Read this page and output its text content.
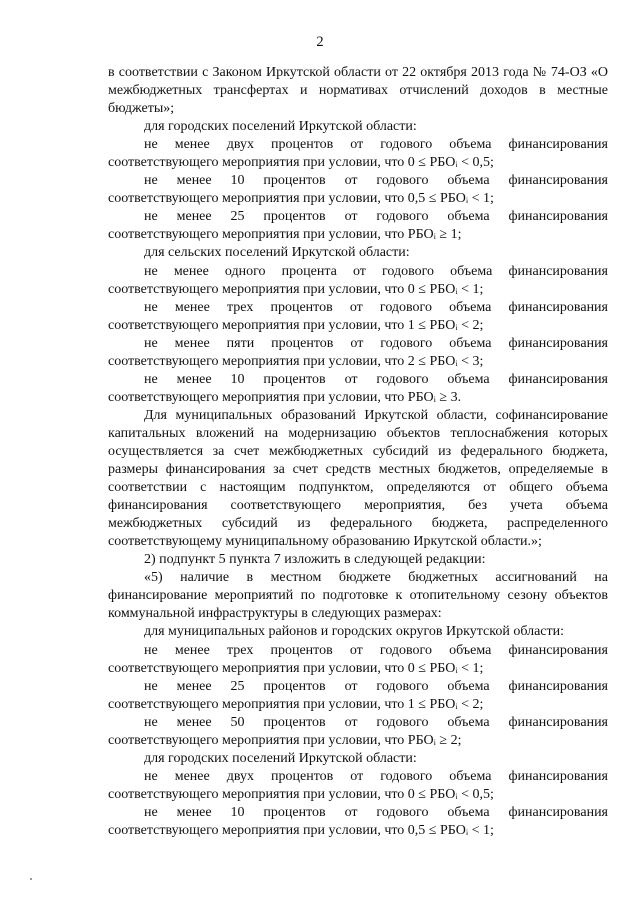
2

в соответствии с Законом Иркутской области от 22 октября 2013 года № 74-ОЗ «О межбюджетных трансфертах и нормативах отчислений доходов в местные бюджеты»;

для городских поселений Иркутской области:

не менее двух процентов от годового объема финансирования соответствующего мероприятия при условии, что 0 ≤ РБОᵢ < 0,5;

не менее 10 процентов от годового объема финансирования соответствующего мероприятия при условии, что 0,5 ≤ РБОᵢ < 1;

не менее 25 процентов от годового объема финансирования соответствующего мероприятия при условии, что РБОᵢ ≥ 1;

для сельских поселений Иркутской области:

не менее одного процента от годового объема финансирования соответствующего мероприятия при условии, что 0 ≤ РБОᵢ < 1;

не менее трех процентов от годового объема финансирования соответствующего мероприятия при условии, что 1 ≤ РБОᵢ < 2;

не менее пяти процентов от годового объема финансирования соответствующего мероприятия при условии, что 2 ≤ РБОᵢ < 3;

не менее 10 процентов от годового объема финансирования соответствующего мероприятия при условии, что РБОᵢ ≥ 3.

Для муниципальных образований Иркутской области, софинансирование капитальных вложений на модернизацию объектов теплоснабжения которых осуществляется за счет межбюджетных субсидий из федерального бюджета, размеры финансирования за счет средств местных бюджетов, определяемые в соответствии с настоящим подпунктом, определяются от общего объема финансирования соответствующего мероприятия, без учета объема межбюджетных субсидий из федерального бюджета, распределенного соответствующему муниципальному образованию Иркутской области.»;

2) подпункт 5 пункта 7 изложить в следующей редакции:

«5) наличие в местном бюджете бюджетных ассигнований на финансирование мероприятий по подготовке к отопительному сезону объектов коммунальной инфраструктуры в следующих размерах:

для муниципальных районов и городских округов Иркутской области:

не менее трех процентов от годового объема финансирования соответствующего мероприятия при условии, что 0 ≤ РБОᵢ < 1;

не менее 25 процентов от годового объема финансирования соответствующего мероприятия при условии, что 1 ≤ РБОᵢ < 2;

не менее 50 процентов от годового объема финансирования соответствующего мероприятия при условии, что РБОᵢ ≥ 2;

для городских поселений Иркутской области:

не менее двух процентов от годового объема финансирования соответствующего мероприятия при условии, что 0 ≤ РБОᵢ < 0,5;

не менее 10 процентов от годового объема финансирования соответствующего мероприятия при условии, что 0,5 ≤ РБОᵢ < 1;
